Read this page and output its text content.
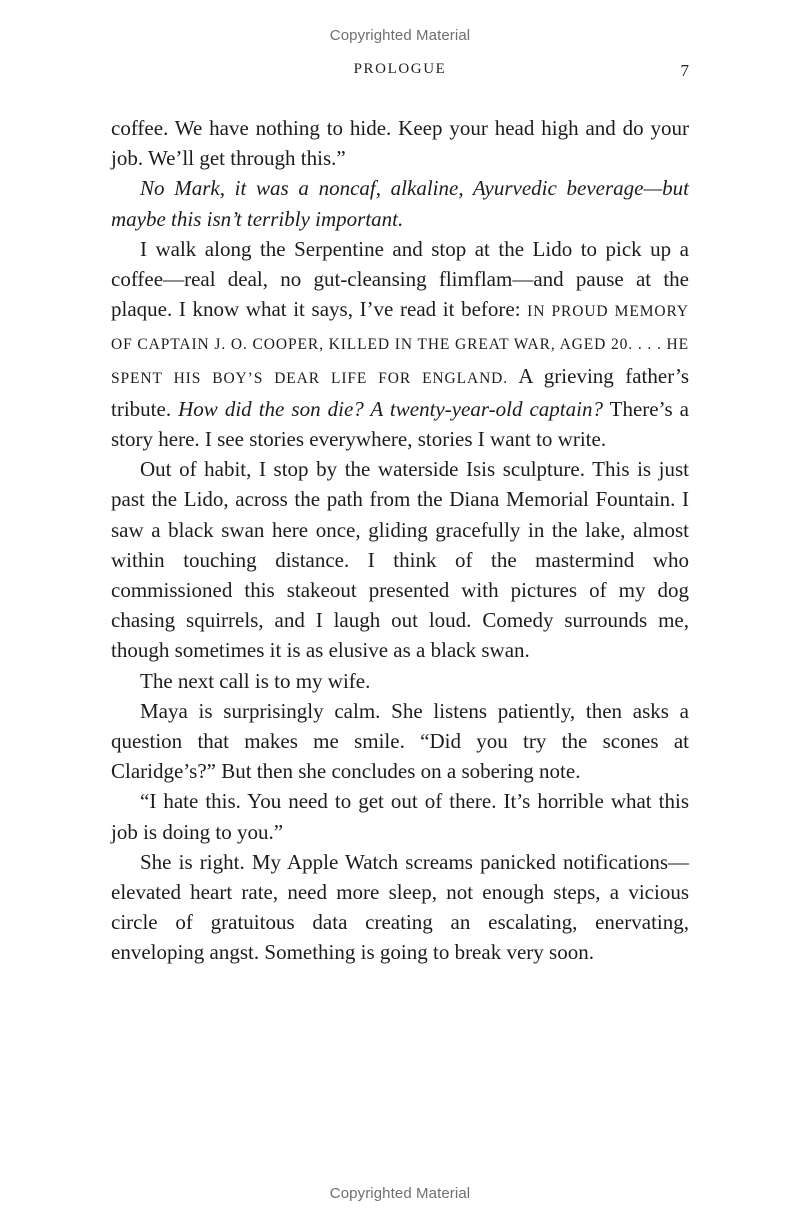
Copyrighted Material
PROLOGUE	7

coffee. We have nothing to hide. Keep your head high and do your job. We’ll get through this.”

No Mark, it was a noncaf, alkaline, Ayurvedic beverage—but maybe this isn’t terribly important.

I walk along the Serpentine and stop at the Lido to pick up a coffee—real deal, no gut-cleansing flimflam—and pause at the plaque. I know what it says, I’ve read it before: IN PROUD MEMORY OF CAPTAIN J. O. COOPER, KILLED IN THE GREAT WAR, AGED 20. . . . HE SPENT HIS BOY’S DEAR LIFE FOR ENGLAND. A grieving father’s tribute. How did the son die? A twenty-year-old captain? There’s a story here. I see stories everywhere, stories I want to write.

Out of habit, I stop by the waterside Isis sculpture. This is just past the Lido, across the path from the Diana Memorial Fountain. I saw a black swan here once, gliding gracefully in the lake, almost within touching distance. I think of the mastermind who commissioned this stakeout presented with pictures of my dog chasing squirrels, and I laugh out loud. Comedy surrounds me, though sometimes it is as elusive as a black swan.

The next call is to my wife.

Maya is surprisingly calm. She listens patiently, then asks a question that makes me smile. “Did you try the scones at Claridge’s?” But then she concludes on a sobering note.

“I hate this. You need to get out of there. It’s horrible what this job is doing to you.”

She is right. My Apple Watch screams panicked notifications—elevated heart rate, need more sleep, not enough steps, a vicious circle of gratuitous data creating an escalating, enervating, enveloping angst. Something is going to break very soon.

Copyrighted Material
